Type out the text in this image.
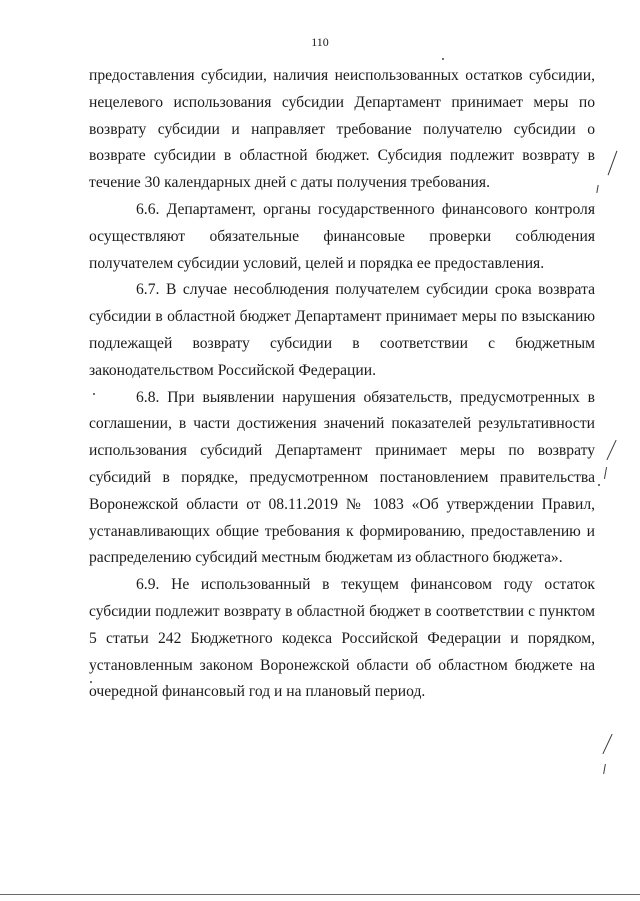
110

предоставления субсидии, наличия неиспользованных остатков субсидии, нецелевого использования субсидии Департамент принимает меры по возврату субсидии и направляет требование получателю субсидии о возврате субсидии в областной бюджет. Субсидия подлежит возврату в течение 30 календарных дней с даты получения требования.

6.6. Департамент, органы государственного финансового контроля осуществляют обязательные финансовые проверки соблюдения получателем субсидии условий, целей и порядка ее предоставления.

6.7. В случае несоблюдения получателем субсидии срока возврата субсидии в областной бюджет Департамент принимает меры по взысканию подлежащей возврату субсидии в соответствии с бюджетным законодательством Российской Федерации.

6.8. При выявлении нарушения обязательств, предусмотренных в соглашении, в части достижения значений показателей результативности использования субсидий Департамент принимает меры по возврату субсидий в порядке, предусмотренном постановлением правительства Воронежской области от 08.11.2019 № 1083 «Об утверждении Правил, устанавливающих общие требования к формированию, предоставлению и распределению субсидий местным бюджетам из областного бюджета».

6.9. Не использованный в текущем финансовом году остаток субсидии подлежит возврату в областной бюджет в соответствии с пунктом 5 статьи 242 Бюджетного кодекса Российской Федерации и порядком, установленным законом Воронежской области об областном бюджете на очередной финансовый год и на плановый период.
